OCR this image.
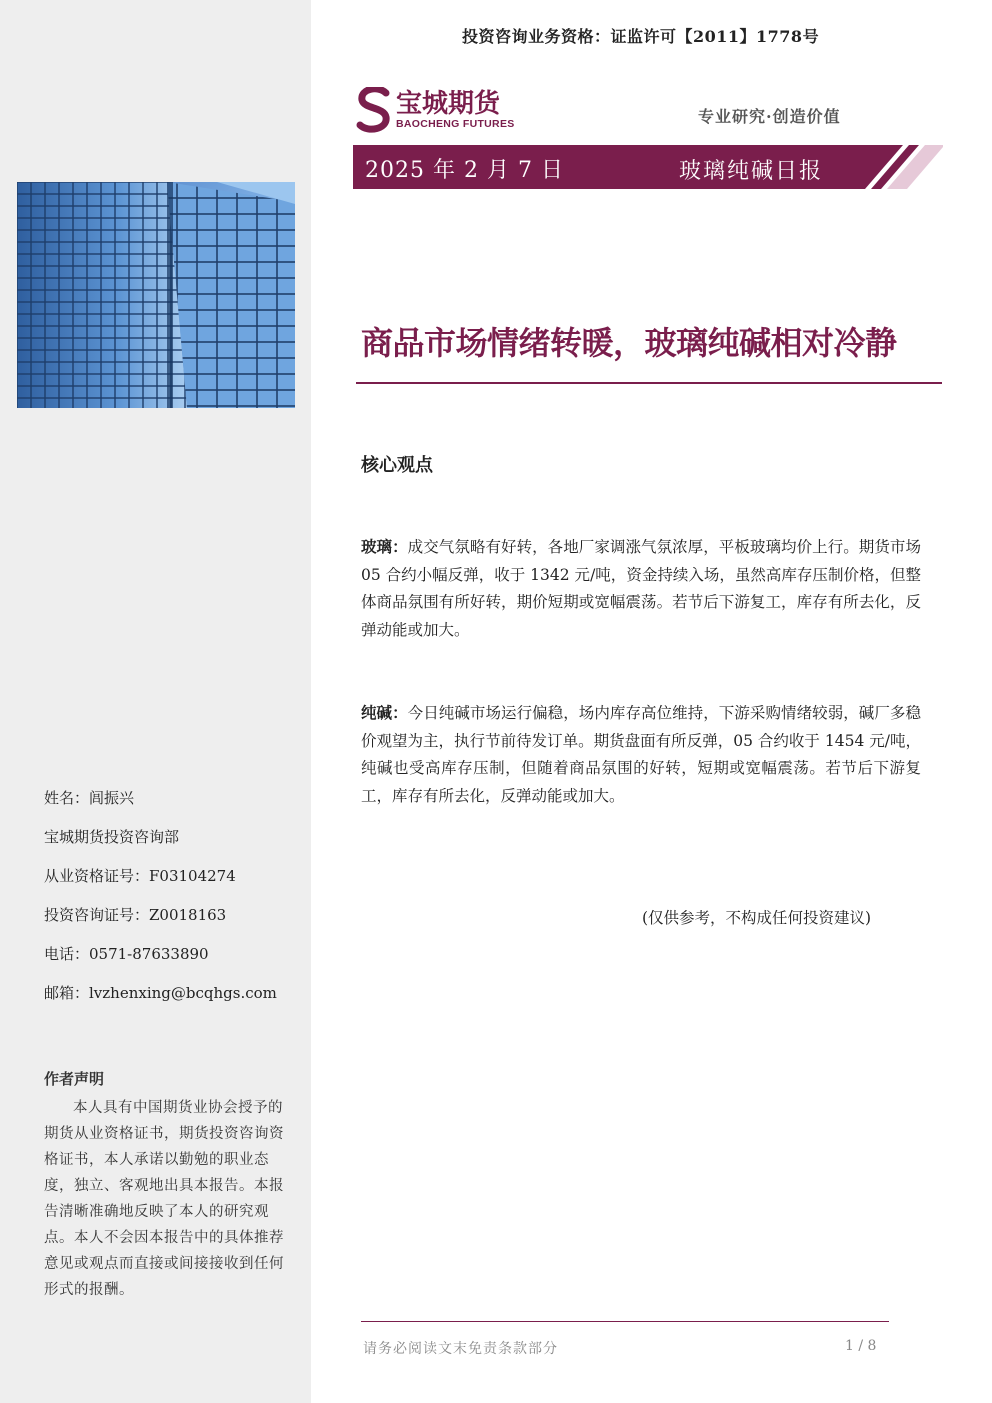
姓名：闾振兴
宝城期货投资咨询部
从业资格证号：F03104274
投资咨询证号：Z0018163
电话：0571-87633890
邮箱：lvzhenxing@bcqhgs.com
作者声明
本人具有中国期货业协会授予的期货从业资格证书，期货投资咨询资格证书，本人承诺以勤勉的职业态度，独立、客观地出具本报告。本报告清晰准确地反映了本人的研究观点。本人不会因本报告中的具体推荐意见或观点而直接或间接接收到任何形式的报酬。
投资咨询业务资格：证监许可【2011】1778号
宝城期货
BAOCHENG FUTURES	专业研究·创造价值
2025 年 2 月 7 日	玻璃纯碱日报
商品市场情绪转暖，玻璃纯碱相对冷静
核心观点
玻璃：成交气氛略有好转，各地厂家调涨气氛浓厚，平板玻璃均价上行。期货市场 05 合约小幅反弹，收于 1342 元/吨，资金持续入场，虽然高库存压制价格，但整体商品氛围有所好转，期价短期或宽幅震荡。若节后下游复工，库存有所去化，反弹动能或加大。
纯碱：今日纯碱市场运行偏稳，场内库存高位维持，下游采购情绪较弱，碱厂多稳价观望为主，执行节前待发订单。期货盘面有所反弹，05 合约收于 1454 元/吨，纯碱也受高库存压制，但随着商品氛围的好转，短期或宽幅震荡。若节后下游复工，库存有所去化，反弹动能或加大。
(仅供参考，不构成任何投资建议)
请务必阅读文末免责条款部分	1 / 8
